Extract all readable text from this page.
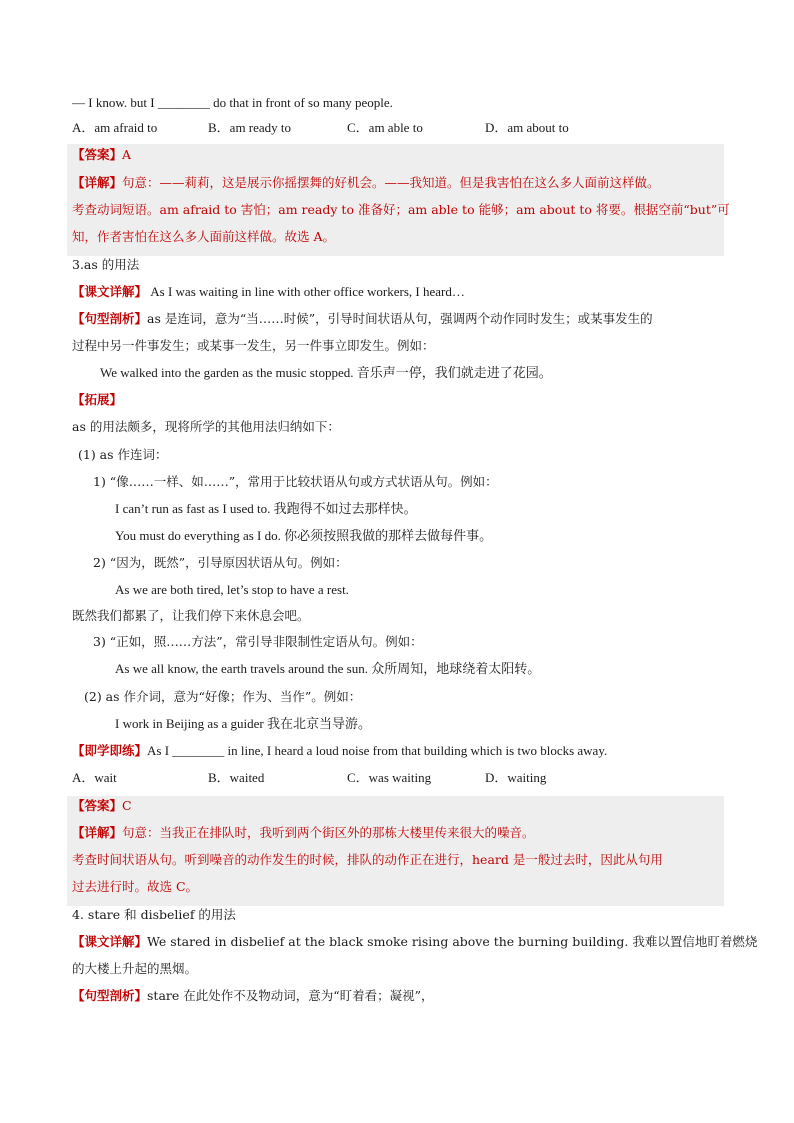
— I know. but I ________ do that in front of so many people.
A．am afraid to	B．am ready to	C．am able to	D．am about to
【答案】A
【详解】句意：——莉莉，这是展示你摇摆舞的好机会。——我知道。但是我害怕在这么多人面前这样做。
考查动词短语。am afraid to 害怕；am ready to 准备好；am able to 能够；am about to 将要。根据空前“but”可
知，作者害怕在这么多人面前这样做。故选 A。
3.as 的用法
【课文详解】 As I was waiting in line with other office workers, I heard…
【句型剖析】as 是连词，意为“当……时候”，引导时间状语从句，强调两个动作同时发生；或某事发生的
过程中另一件事发生；或某事一发生，另一件事立即发生。例如：
We walked into the garden as the music stopped. 音乐声一停，我们就走进了花园。
【拓展】
as 的用法颇多，现将所学的其他用法归纳如下：
(1) as 作连词：
1) “像……一样、如……”，常用于比较状语从句或方式状语从句。例如：
I can’t run as fast as I used to. 我跑得不如过去那样快。
You must do everything as I do. 你必须按照我做的那样去做每件事。
2) “因为，既然”，引导原因状语从句。例如：
As we are both tired, let’s stop to have a rest.
既然我们都累了，让我们停下来休息会吧。
3) “正如，照……方法”，常引导非限制性定语从句。例如：
As we all know, the earth travels around the sun. 众所周知，地球绕着太阳转。
(2) as 作介词，意为“好像；作为、当作”。例如：
I work in Beijing as a guider 我在北京当导游。
【即学即练】As I ________ in line, I heard a loud noise from that building which is two blocks away.
A．wait	B．waited	C．was waiting	D．waiting
【答案】C
【详解】句意：当我正在排队时，我听到两个街区外的那栋大楼里传来很大的噪音。
考查时间状语从句。听到噪音的动作发生的时候，排队的动作正在进行，heard 是一般过去时，因此从句用
过去进行时。故选 C。
4. stare 和 disbelief 的用法
【课文详解】We stared in disbelief at the black smoke rising above the burning building. 我难以置信地盯着燃烧
的大楼上升起的黑烟。
【句型剖析】stare 在此处作不及物动词，意为“盯着看；凝视”，
